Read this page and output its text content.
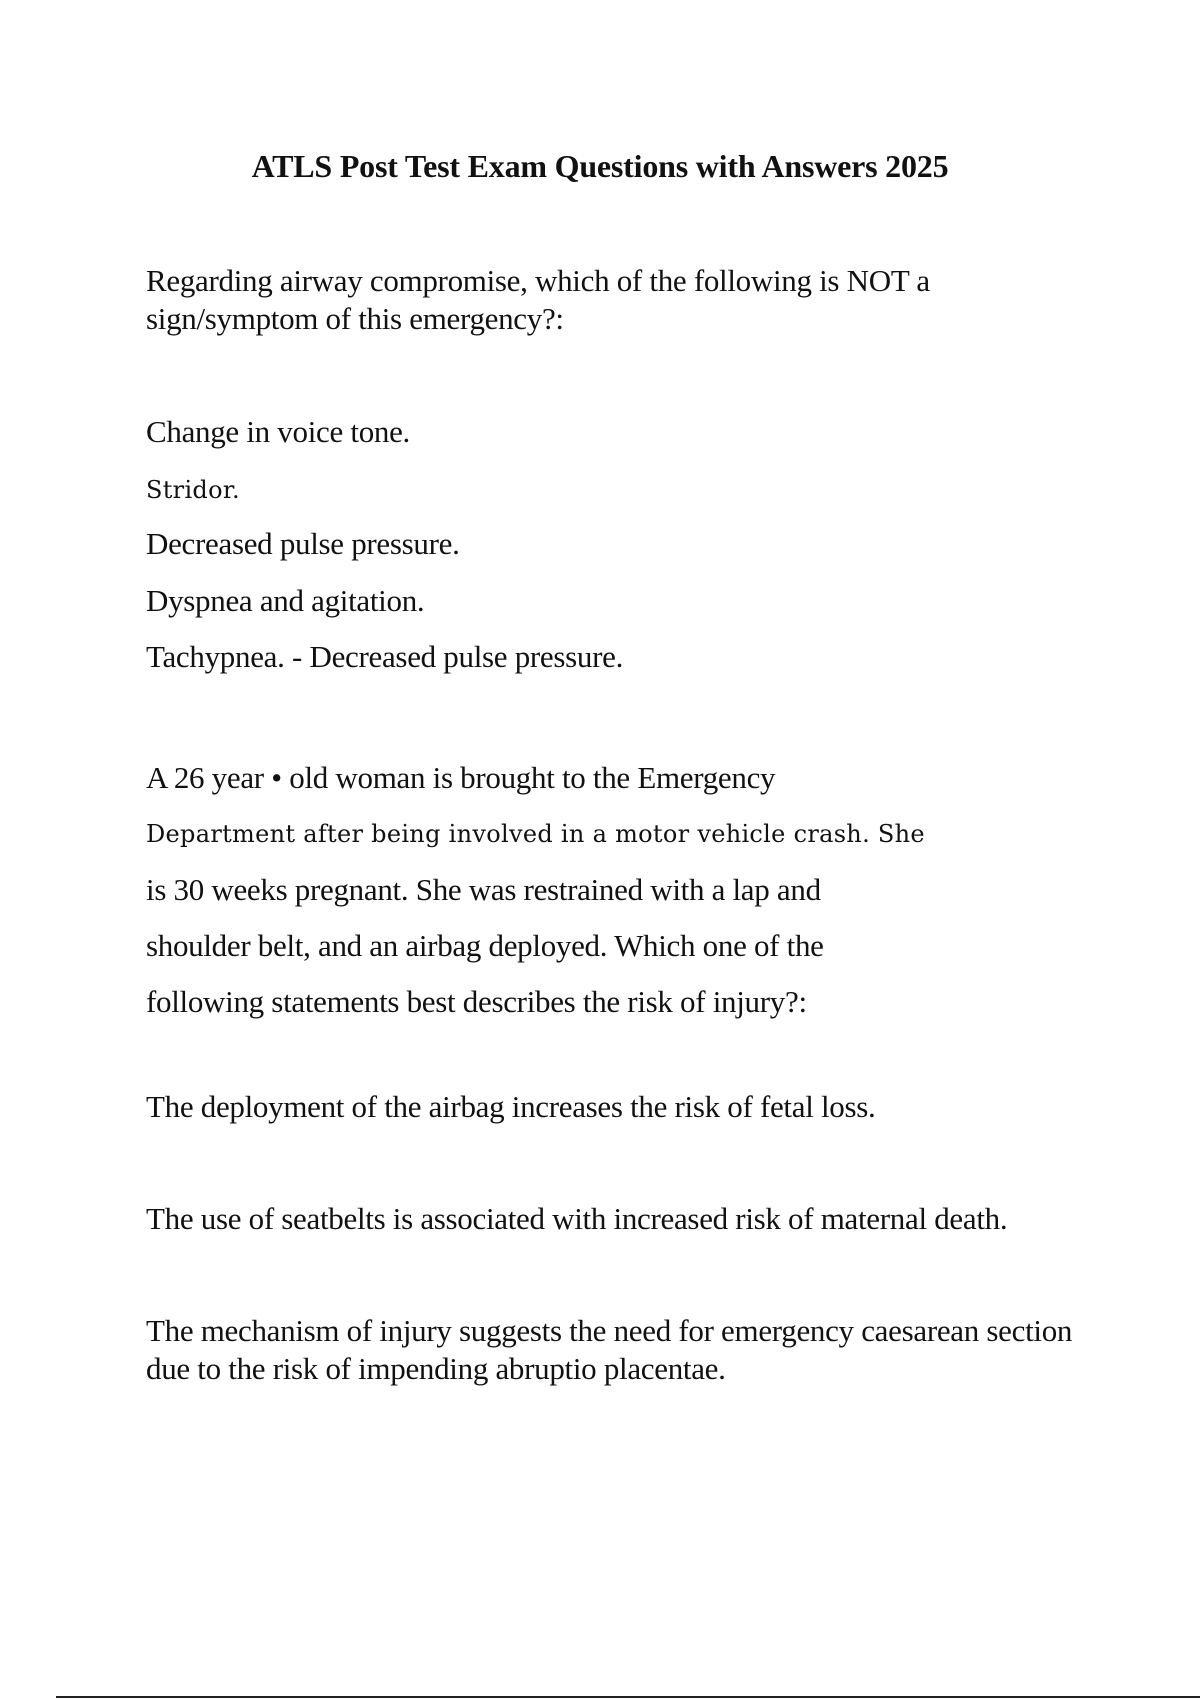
ATLS Post Test Exam Questions with Answers 2025
Regarding airway compromise, which of the following is NOT a sign/symptom of this emergency?:
Change in voice tone.
Stridor.
Decreased pulse pressure.
Dyspnea and agitation.
Tachypnea. - Decreased pulse pressure.
A 26 year • old woman is brought to the Emergency
Department after being involved in a motor vehicle crash. She
is 30 weeks pregnant. She was restrained with a lap and
shoulder belt, and an airbag deployed. Which one of the
following statements best describes the risk of injury?:
The deployment of the airbag increases the risk of fetal loss.
The use of seatbelts is associated with increased risk of maternal death.
The mechanism of injury suggests the need for emergency caesarean section due to the risk of impending abruptio placentae.
